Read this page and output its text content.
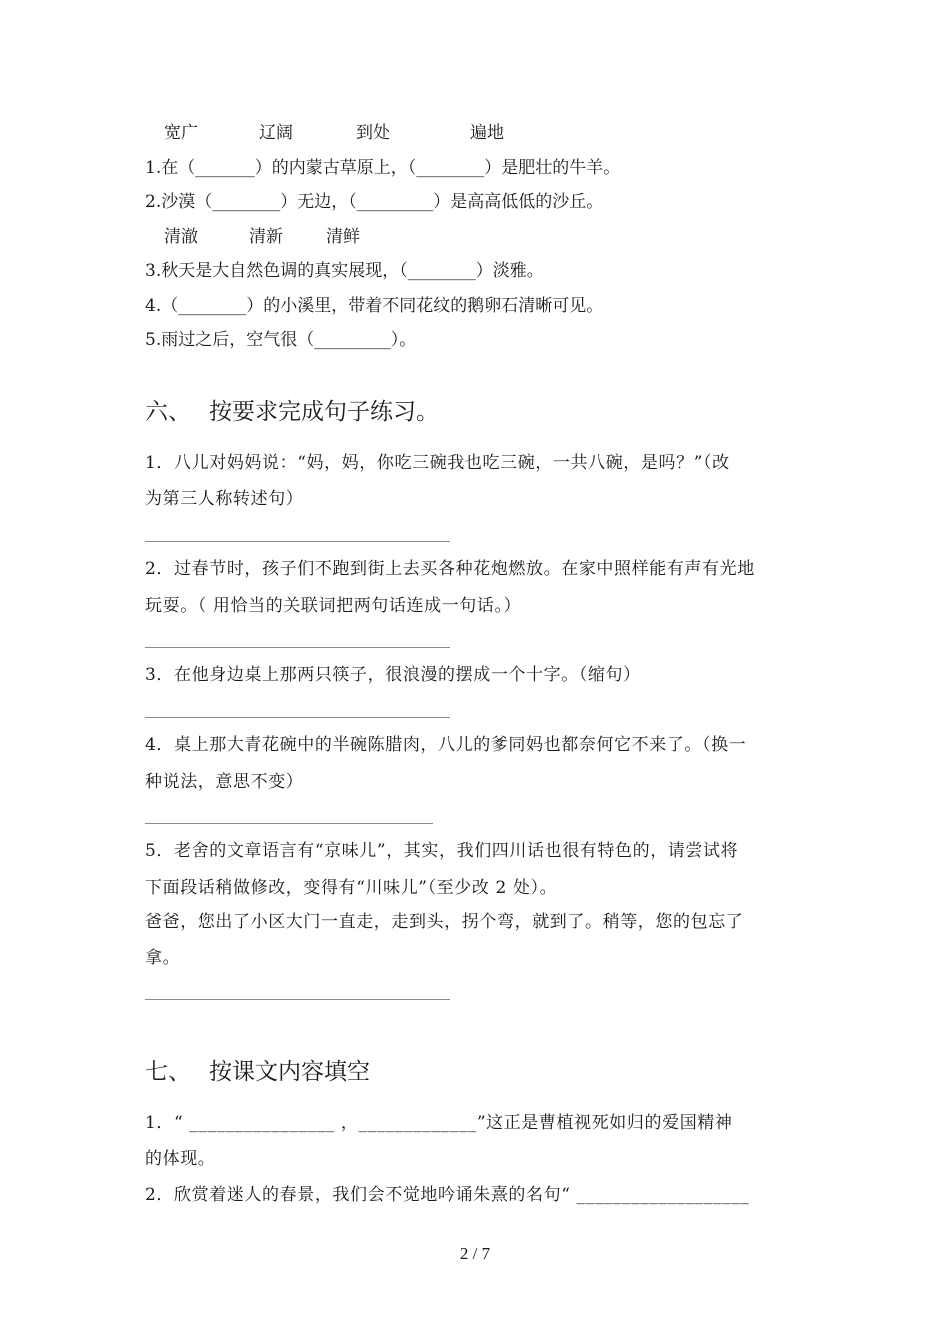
宽广	辽阔	到处	遍地

1.在（_______）的内蒙古草原上，（________）是肥壮的牛羊。

2.沙漠（________）无边，（_________）是高高低低的沙丘。

清澈	清新	清鲜

3.秋天是大自然色调的真实展现，（________）淡雅。

4.（________）的小溪里，带着不同花纹的鹅卵石清晰可见。

5.雨过之后，空气很（_________）。

六、 按要求完成句子练习。

1．八儿对妈妈说：“妈，妈，你吃三碗我也吃三碗，一共八碗，是吗？”（改

为第三人称转述句）

2．过春节时，孩子们不跑到街上去买各种花炮燃放。在家中照样能有声有光地

玩耍。（ 用恰当的关联词把两句话连成一句话。）

3．在他身边桌上那两只筷子，很浪漫的摆成一个十字。（缩句）

4．桌上那大青花碗中的半碗陈腊肉，八儿的爹同妈也都奈何它不来了。（换一

种说法，意思不变）

5．老舍的文章语言有“京味儿”，其实，我们四川话也很有特色的，请尝试将

下面段话稍做修改，变得有“川味儿”（至少改 2 处）。

爸爸，您出了小区大门一直走，走到头，拐个弯，就到了。稍等，您的包忘了

拿。

七、 按课文内容填空

1．“ ________________ ，_____________”这正是曹植视死如归的爱国精神

的体现。

2．欣赏着迷人的春景，我们会不觉地吟诵朱熹的名句“ ___________________

2 / 7
